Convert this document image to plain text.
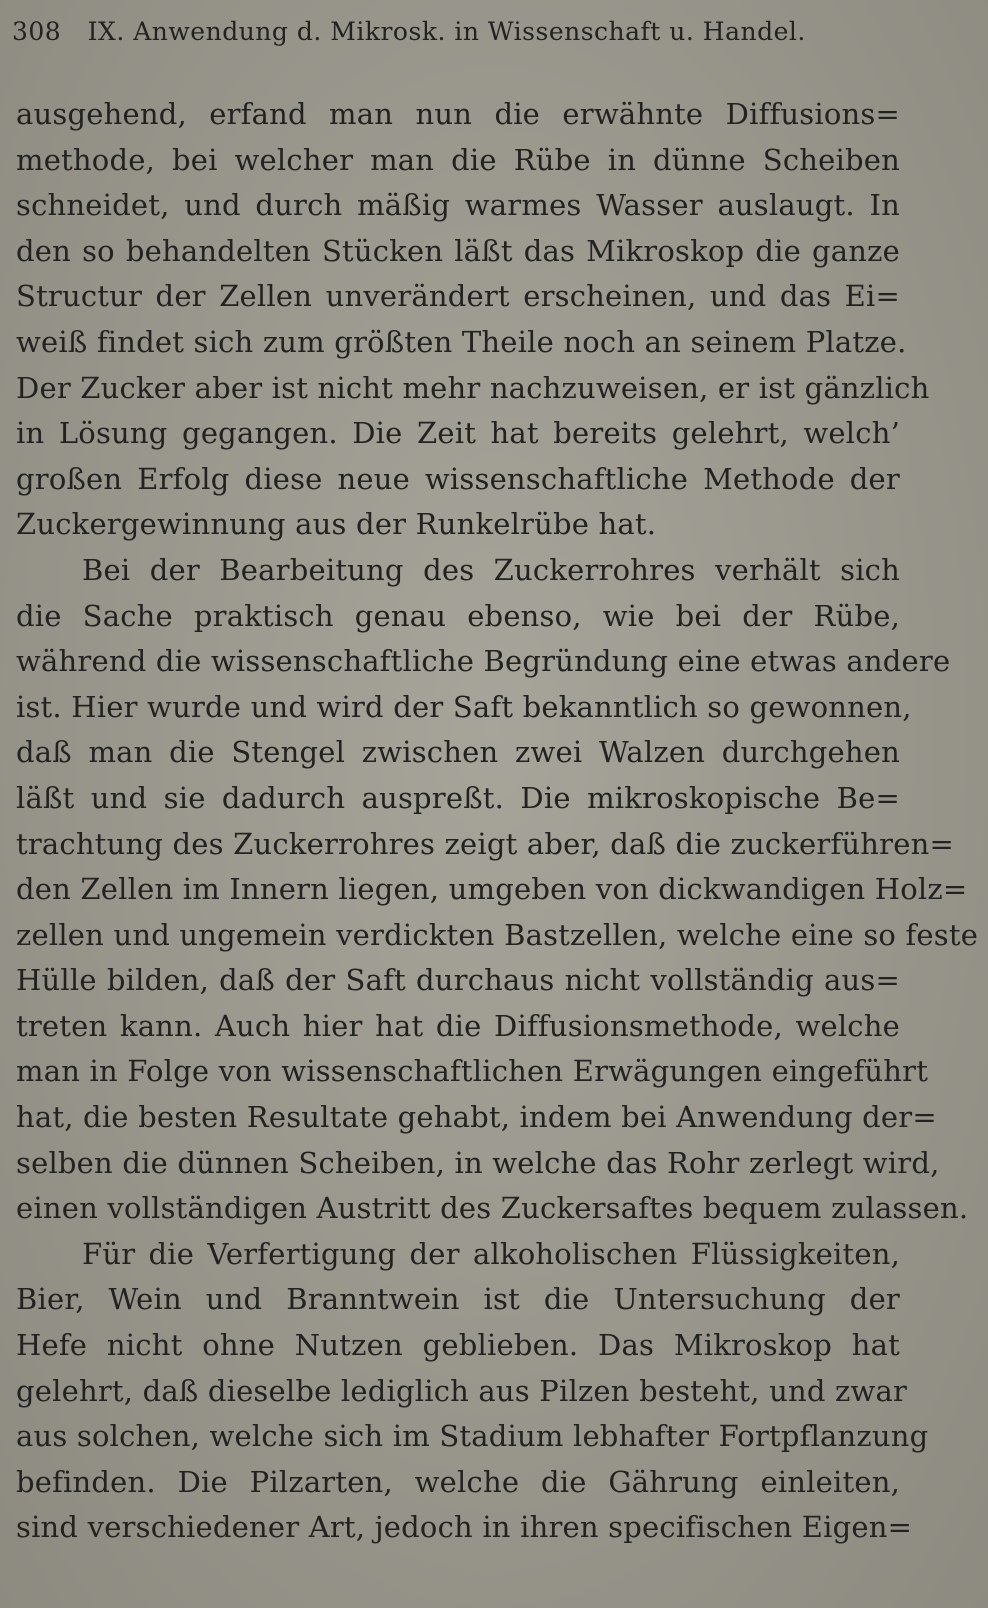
308 IX. Anwendung d. Mikrosk. in Wissenschaft u. Handel.
ausgehend, erfand man nun die erwähnte Diffusions=
methode, bei welcher man die Rübe in dünne Scheiben
schneidet, und durch mäßig warmes Wasser auslaugt. In
den so behandelten Stücken läßt das Mikroskop die ganze
Structur der Zellen unverändert erscheinen, und das Ei=
weiß findet sich zum größten Theile noch an seinem Platze.
Der Zucker aber ist nicht mehr nachzuweisen, er ist gänzlich
in Lösung gegangen. Die Zeit hat bereits gelehrt, welch’
großen Erfolg diese neue wissenschaftliche Methode der
Zuckergewinnung aus der Runkelrübe hat.
Bei der Bearbeitung des Zuckerrohres verhält sich
die Sache praktisch genau ebenso, wie bei der Rübe,
während die wissenschaftliche Begründung eine etwas andere
ist. Hier wurde und wird der Saft bekanntlich so gewonnen,
daß man die Stengel zwischen zwei Walzen durchgehen
läßt und sie dadurch auspreßt. Die mikroskopische Be=
trachtung des Zuckerrohres zeigt aber, daß die zuckerführen=
den Zellen im Innern liegen, umgeben von dickwandigen Holz=
zellen und ungemein verdickten Bastzellen, welche eine so feste
Hülle bilden, daß der Saft durchaus nicht vollständig aus=
treten kann. Auch hier hat die Diffusionsmethode, welche
man in Folge von wissenschaftlichen Erwägungen eingeführt
hat, die besten Resultate gehabt, indem bei Anwendung der=
selben die dünnen Scheiben, in welche das Rohr zerlegt wird,
einen vollständigen Austritt des Zuckersaftes bequem zulassen.
Für die Verfertigung der alkoholischen Flüssigkeiten,
Bier, Wein und Branntwein ist die Untersuchung der
Hefe nicht ohne Nutzen geblieben. Das Mikroskop hat
gelehrt, daß dieselbe lediglich aus Pilzen besteht, und zwar
aus solchen, welche sich im Stadium lebhafter Fortpflanzung
befinden. Die Pilzarten, welche die Gährung einleiten,
sind verschiedener Art, jedoch in ihren specifischen Eigen=
